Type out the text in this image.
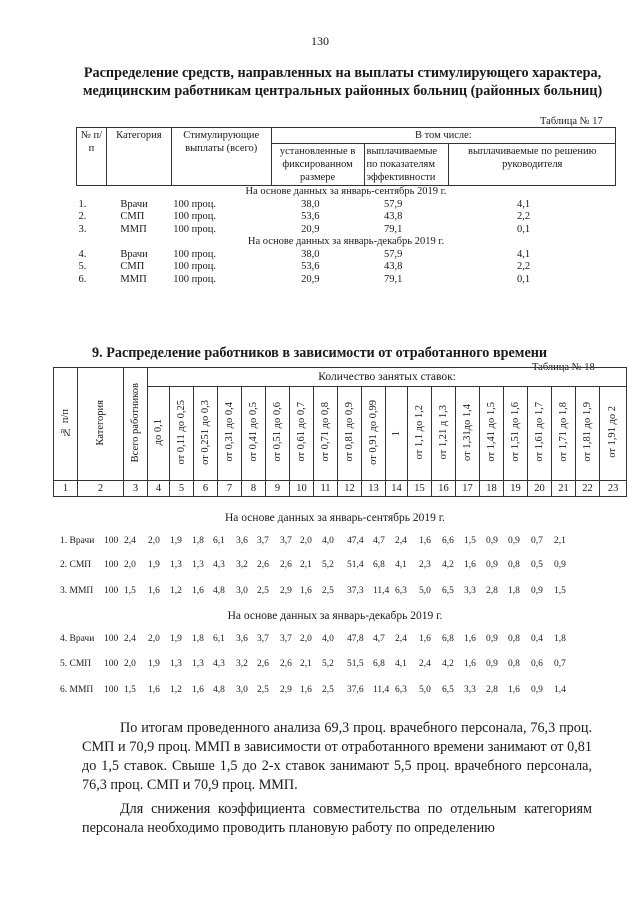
130
Распределение средств, направленных на выплаты стимулирующего характера, медицинским работникам центральных районных больниц (районных больниц)
Таблица № 17
№ п/п	Категория	Стимулирующие выплаты (всего)	В том числе:		
			установленные в фиксированном размере	выплачиваемые по показателям эффективности	выплачиваемые по решению руководителя
На основе данных за январь-сентябрь 2019 г.					
1.	Врачи	100 проц.	38,0	57,9	4,1
2.	СМП	100 проц.	53,6	43,8	2,2
3.	ММП	100 проц.	20,9	79,1	0,1
На основе данных за январь-декабрь 2019 г.					
4.	Врачи	100 проц.	38,0	57,9	4,1
5.	СМП	100 проц.	53,6	43,8	2,2
6.	ММП	100 проц.	20,9	79,1	0,1
9. Распределение работников в зависимости от отработанного времени
Таблица № 18
№ п/п	Категория	Всего работников	Количество занятых ставок:																			
			до 0,1	от 0,11 до 0,25	от 0,251 до 0,3	от 0,31 до 0,4	от 0,41 до 0,5	от 0,51 до 0,6	от 0,61 до 0,7	от 0,71 до 0,8	от 0,81 до 0,9	от 0,91 до 0,99	1	от 1,1 до 1,2	от 1,21 д 1,3	от 1,31до 1,4	от 1,41 до 1,5	от 1,51 до 1,6	от 1,61 до 1,7	от 1,71 до 1,8	от 1,81 до 1,9	от 1,91 до 2
1	2	3	4	5	6	7	8	9	10	11	12	13	14	15	16	17	18	19	20	21	22	23
На основе данных за январь-сентябрь 2019 г.
1. Врачи 100 2,4 2,0 1,9 1,8 6,1 3,6 3,7 3,7 2,0 4,0 47,4 4,7 2,4 1,6 6,6 1,5 0,9 0,9 0,7 2,1
2. СМП 100 2,0 1,9 1,3 1,3 4,3 3,2 2,6 2,6 2,1 5,2 51,4 6,8 4,1 2,3 4,2 1,6 0,9 0,8 0,5 0,9
3. ММП 100 1,5 1,6 1,2 1,6 4,8 3,0 2,5 2,9 1,6 2,5 37,3 11,4 6,3 5,0 6,5 3,3 2,8 1,8 0,9 1,5
На основе данных за январь-декабрь 2019 г.
4. Врачи 100 2,4 2,0 1,9 1,8 6,1 3,6 3,7 3,7 2,0 4,0 47,8 4,7 2,4 1,6 6,8 1,6 0,9 0,8 0,4 1,8
5. СМП 100 2,0 1,9 1,3 1,3 4,3 3,2 2,6 2,6 2,1 5,2 51,5 6,8 4,1 2,4 4,2 1,6 0,9 0,8 0,6 0,7
6. ММП 100 1,5 1,6 1,2 1,6 4,8 3,0 2,5 2,9 1,6 2,5 37,6 11,4 6,3 5,0 6,5 3,3 2,8 1,6 0,9 1,4
По итогам проведенного анализа 69,3 проц. врачебного персонала, 76,3 проц. СМП и 70,9 проц. ММП в зависимости от отработанного времени занимают от 0,81 до 1,5 ставок. Свыше 1,5 до 2-х ставок занимают 5,5 проц. врачебного персонала, 76,3 проц. СМП и 70,9 проц. ММП.
Для снижения коэффициента совместительства по отдельным категориям персонала необходимо проводить плановую работу по определению
